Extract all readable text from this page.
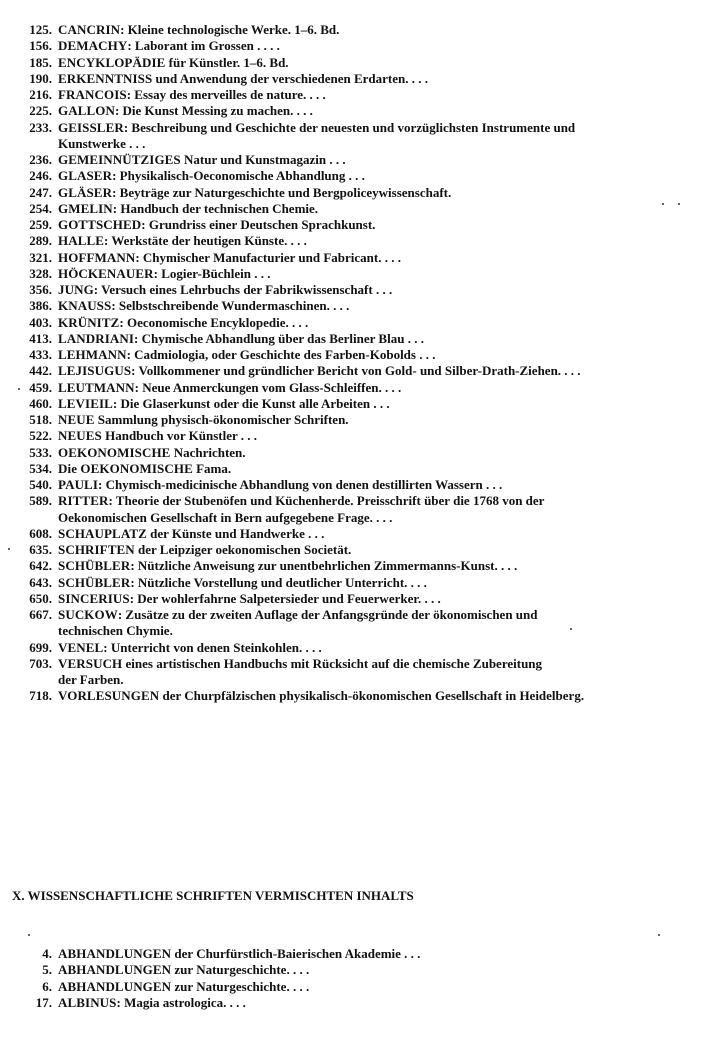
125. CANCRIN: Kleine technologische Werke. 1–6. Bd.
156. DEMACHY: Laborant im Grossen . . . .
185. ENCYKLOPÄDIE für Künstler. 1–6. Bd.
190. ERKENNTNISS und Anwendung der verschiedenen Erdarten. . . .
216. FRANCOIS: Essay des merveilles de nature. . . .
225. GALLON: Die Kunst Messing zu machen. . . .
233. GEISSLER: Beschreibung und Geschichte der neuesten und vorzüglichsten Instrumente und
Kunstwerke . . .
236. GEMEINNÜTZIGES Natur und Kunstmagazin . . .
246. GLASER: Physikalisch-Oeconomische Abhandlung . . .
247. GLÄSER: Beyträge zur Naturgeschichte und Bergpoliceywissenschaft.
254. GMELIN: Handbuch der technischen Chemie.
259. GOTTSCHED: Grundriss einer Deutschen Sprachkunst.
289. HALLE: Werkstäte der heutigen Künste. . . .
321. HOFFMANN: Chymischer Manufacturier und Fabricant. . . .
328. HÖCKENAUER: Logier-Büchlein . . .
356. JUNG: Versuch eines Lehrbuchs der Fabrikwissenschaft . . .
386. KNAUSS: Selbstschreibende Wundermaschinen. . . .
403. KRÜNITZ: Oeconomische Encyklopedie. . . .
413. LANDRIANI: Chymische Abhandlung über das Berliner Blau . . .
433. LEHMANN: Cadmiologia, oder Geschichte des Farben-Kobolds . . .
442. LEJISUGUS: Vollkommener und gründlicher Bericht von Gold- und Silber-Drath-Ziehen. . . .
459. LEUTMANN: Neue Anmerckungen vom Glass-Schleiffen. . . .
460. LEVIEIL: Die Glaserkunst oder die Kunst alle Arbeiten . . .
518. NEUE Sammlung physisch-ökonomischer Schriften.
522. NEUES Handbuch vor Künstler . . .
533. OEKONOMISCHE Nachrichten.
534. Die OEKONOMISCHE Fama.
540. PAULI: Chymisch-medicinische Abhandlung von denen destillirten Wassern . . .
589. RITTER: Theorie der Stubenöfen und Küchenherde. Preisschrift über die 1768 von der
Oekonomischen Gesellschaft in Bern aufgegebene Frage. . . .
608. SCHAUPLATZ der Künste und Handwerke . . .
635. SCHRIFTEN der Leipziger oekonomischen Societät.
642. SCHÜBLER: Nützliche Anweisung zur unentbehrlichen Zimmermanns-Kunst. . . .
643. SCHÜBLER: Nützliche Vorstellung und deutlicher Unterricht. . . .
650. SINCERIUS: Der wohlerfahrne Salpetersieder und Feuerwerker. . . .
667. SUCKOW: Zusätze zu der zweiten Auflage der Anfangsgründe der ökonomischen und
technischen Chymie.
699. VENEL: Unterricht von denen Steinkohlen. . . .
703. VERSUCH eines artistischen Handbuchs mit Rücksicht auf die chemische Zubereitung
der Farben.
718. VORLESUNGEN der Churpfälzischen physikalisch-ökonomischen Gesellschaft in Heidelberg.
X. WISSENSCHAFTLICHE SCHRIFTEN VERMISCHTEN INHALTS
4. ABHANDLUNGEN der Churfürstlich-Baierischen Akademie . . .
5. ABHANDLUNGEN zur Naturgeschichte. . . .
6. ABHANDLUNGEN zur Naturgeschichte. . . .
17. ALBINUS: Magia astrologica. . . .
